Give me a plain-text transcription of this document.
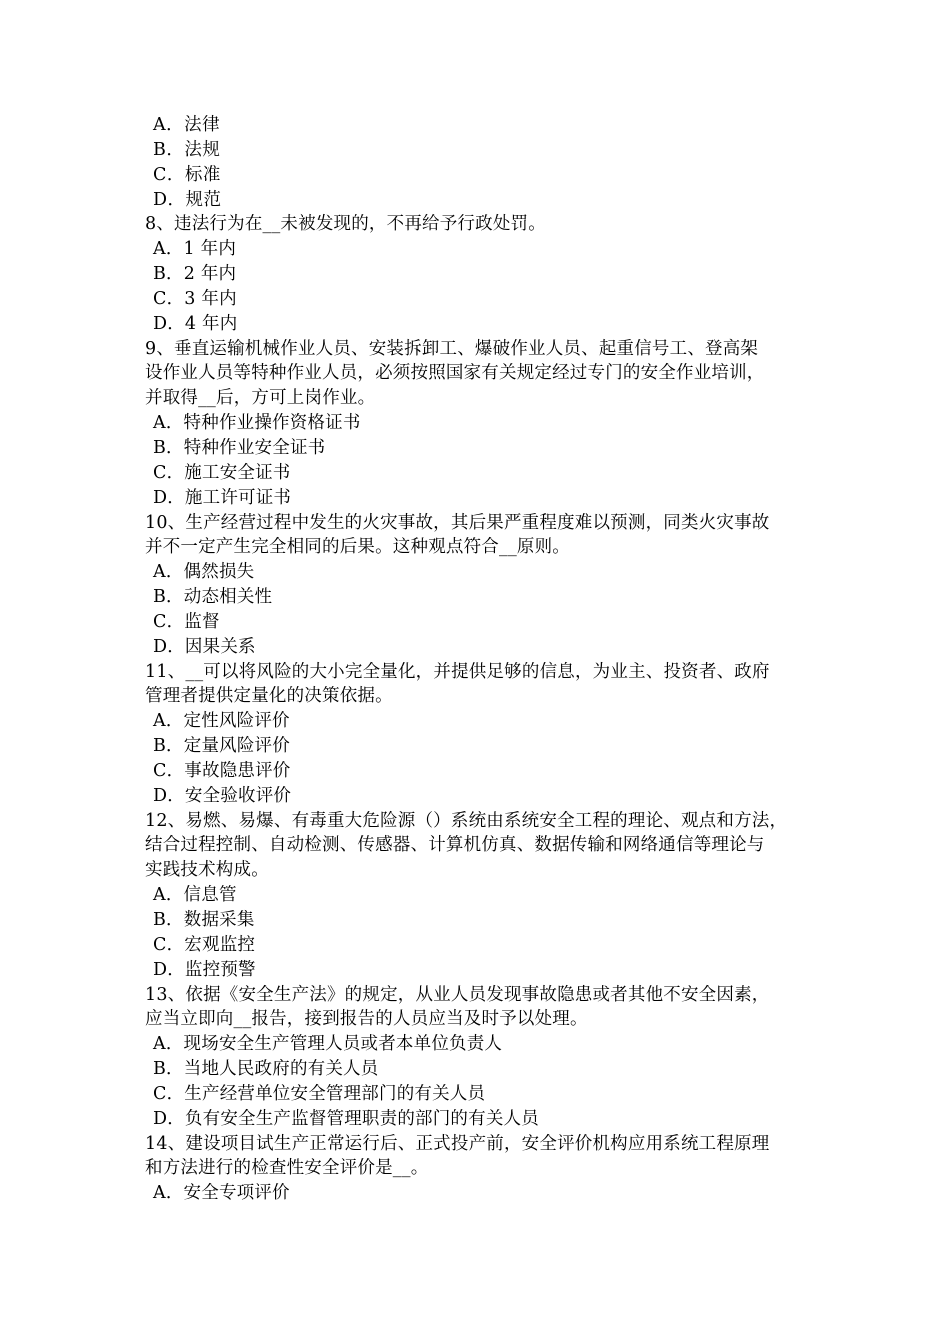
A．法律
B．法规
C．标准
D．规范
8、违法行为在__未被发现的，不再给予行政处罚。
A．1 年内
B．2 年内
C．3 年内
D．4 年内
9、垂直运输机械作业人员、安装拆卸工、爆破作业人员、起重信号工、登高架
设作业人员等特种作业人员，必须按照国家有关规定经过专门的安全作业培训，
并取得__后，方可上岗作业。
A．特种作业操作资格证书
B．特种作业安全证书
C．施工安全证书
D．施工许可证书
10、生产经营过程中发生的火灾事故，其后果严重程度难以预测，同类火灾事故
并不一定产生完全相同的后果。这种观点符合__原则。
A．偶然损失
B．动态相关性
C．监督
D．因果关系
11、__可以将风险的大小完全量化，并提供足够的信息，为业主、投资者、政府
管理者提供定量化的决策依据。
A．定性风险评价
B．定量风险评价
C．事故隐患评价
D．安全验收评价
12、易燃、易爆、有毒重大危险源（）系统由系统安全工程的理论、观点和方法，
结合过程控制、自动检测、传感器、计算机仿真、数据传输和网络通信等理论与
实践技术构成。
A．信息管
B．数据采集
C．宏观监控
D．监控预警
13、依据《安全生产法》的规定，从业人员发现事故隐患或者其他不安全因素，
应当立即向__报告，接到报告的人员应当及时予以处理。
A．现场安全生产管理人员或者本单位负责人
B．当地人民政府的有关人员
C．生产经营单位安全管理部门的有关人员
D．负有安全生产监督管理职责的部门的有关人员
14、建设项目试生产正常运行后、正式投产前，安全评价机构应用系统工程原理
和方法进行的检查性安全评价是__。
A．安全专项评价
